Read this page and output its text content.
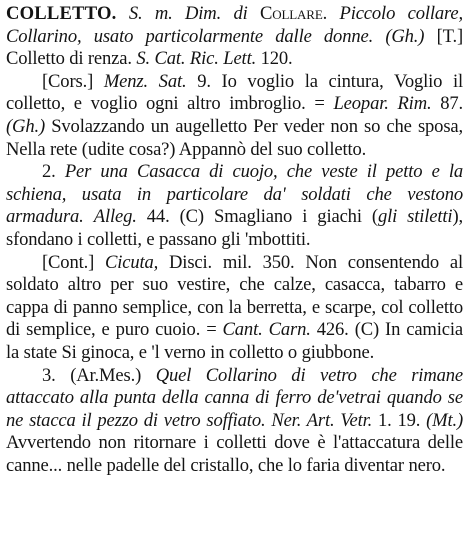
COLLETTO. S. m. Dim. di Collare. Piccolo collare, Collarino, usato particolarmente dalle donne. (Gh.) [T.] Colletto di renza. S. Cat. Ric. Lett. 120.

[Cors.] Menz. Sat. 9. Io voglio la cintura, Voglio il colletto, e voglio ogni altro imbroglio. = Leopar. Rim. 87. (Gh.) Svolazzando un augelletto Per veder non so che sposa, Nella rete (udite cosa?) Appannò del suo colletto.

2. Per una Casacca di cuojo, che veste il petto e la schiena, usata in particolare da' soldati che vestono armadura. Alleg. 44. (C) Smagliano i giachi (gli stiletti), sfondano i colletti, e passano gli 'mbottiti.

[Cont.] Cicuta, Disci. mil. 350. Non consentendo al soldato altro per suo vestire, che calze, casacca, tabarro e cappa di panno semplice, con la berretta, e scarpe, col colletto di semplice, e puro cuoio. = Cant. Carn. 426. (C) In camicia la state Si ginoca, e 'l verno in colletto o giubbone.

3. (Ar.Mes.) Quel Collarino di vetro che rimane attaccato alla punta della canna di ferro de'vetrai quando se ne stacca il pezzo di vetro soffiato. Ner. Art. Vetr. 1. 19. (Mt.) Avvertendo non ritornare i colletti dove è l'attaccatura delle canne... nelle padelle del cristallo, che lo faria diventar nero.
